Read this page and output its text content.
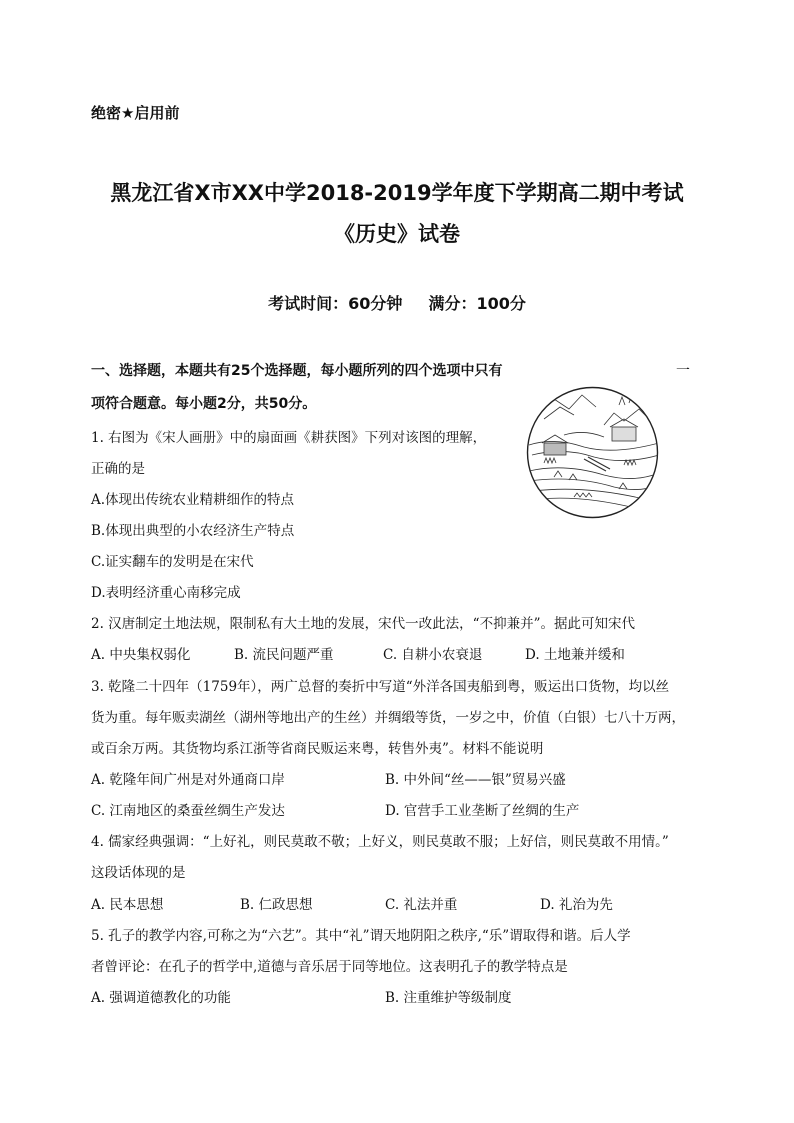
绝密★启用前
黑龙江省X市XX中学2018-2019学年度下学期高二期中考试
《历史》试卷
考试时间：60分钟 满分：100分
一、选择题，本题共有25个选择题，每小题所列的四个选项中只有	一
项符合题意。每小题2分，共50分。
1. 右图为《宋人画册》中的扇面画《耕获图》下列对该图的理解，
正确的是
A.体现出传统农业精耕细作的特点
B.体现出典型的小农经济生产特点
C.证实翻车的发明是在宋代
D.表明经济重心南移完成
2. 汉唐制定土地法规，限制私有大土地的发展，宋代一改此法，“不抑兼并”。据此可知宋代
A. 中央集权弱化	B. 流民问题严重	C. 自耕小农衰退	D. 土地兼并缓和
3. 乾隆二十四年（1759年），两广总督的奏折中写道“外洋各国夷船到粤，贩运出口货物，均以丝
货为重。每年贩卖湖丝（湖州等地出产的生丝）并绸缎等货，一岁之中，价值（白银）七八十万两，
或百余万两。其货物均系江浙等省商民贩运来粤，转售外夷”。材料不能说明
A. 乾隆年间广州是对外通商口岸	B. 中外间“丝——银”贸易兴盛
C. 江南地区的桑蚕丝绸生产发达	D. 官营手工业垄断了丝绸的生产
4. 儒家经典强调：“上好礼，则民莫敢不敬；上好义，则民莫敢不服；上好信，则民莫敢不用情。”
这段话体现的是
A. 民本思想	B. 仁政思想	C. 礼法并重	D. 礼治为先
5. 孔子的教学内容,可称之为“六艺”。其中“礼”谓天地阴阳之秩序,“乐”谓取得和谐。后人学
者曾评论：在孔子的哲学中,道德与音乐居于同等地位。这表明孔子的教学特点是
A. 强调道德教化的功能	B. 注重维护等级制度
